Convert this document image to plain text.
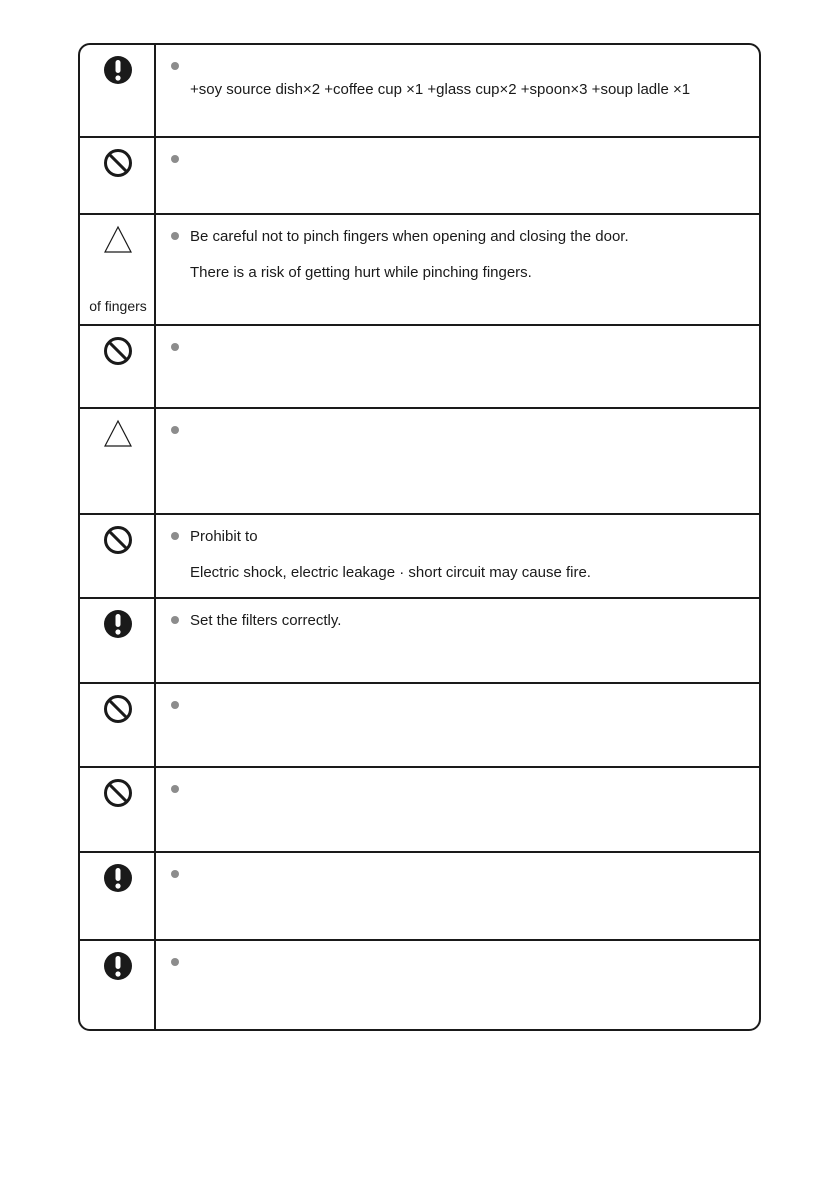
+soy source dish×2 +coffee cup ×1 +glass cup×2 +spoon×3 +soup ladle ×1
of fingers
Be careful not to pinch fingers when opening and closing the door.
There is a risk of getting hurt while pinching fingers.
Prohibit to
Electric shock, electric leakage · short circuit may cause fire.
Set the filters correctly.
